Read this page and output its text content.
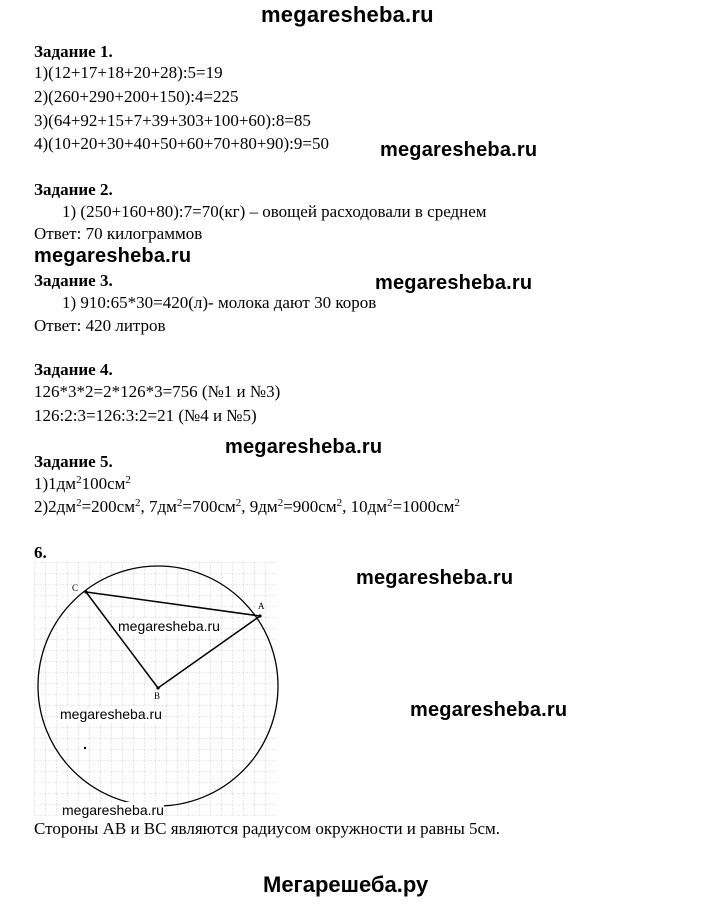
megaresheba.ru
Задание 1.
1)(12+17+18+20+28):5=19
2)(260+290+200+150):4=225
3)(64+92+15+7+39+303+100+60):8=85
4)(10+20+30+40+50+60+70+80+90):9=50	megaresheba.ru
Задание 2.
1) (250+160+80):7=70(кг) – овощей расходовали в среднем
Ответ: 70 килограммов
megaresheba.ru
Задание 3.	megaresheba.ru
1) 910:65*30=420(л)- молока дают 30 коров
Ответ: 420 литров
Задание 4.
126*3*2=2*126*3=756 (№1 и №3)
126:2:3=126:3:2=21 (№4 и №5)
megaresheba.ru
Задание 5.
$1)1дм^2100см^2$
$2)2дм^2=200см^2$, $7дм^2=700см^2$, $9дм^2=900см^2$, $10дм^2=1000см^2$
6.
C
A
B
megaresheba.ru
megaresheba.ru
megaresheba.ru
megaresheba.ru
megaresheba.ru
Стороны АВ и ВС являются радиусом окружности и равны 5см.
Мегарешеба.ру
